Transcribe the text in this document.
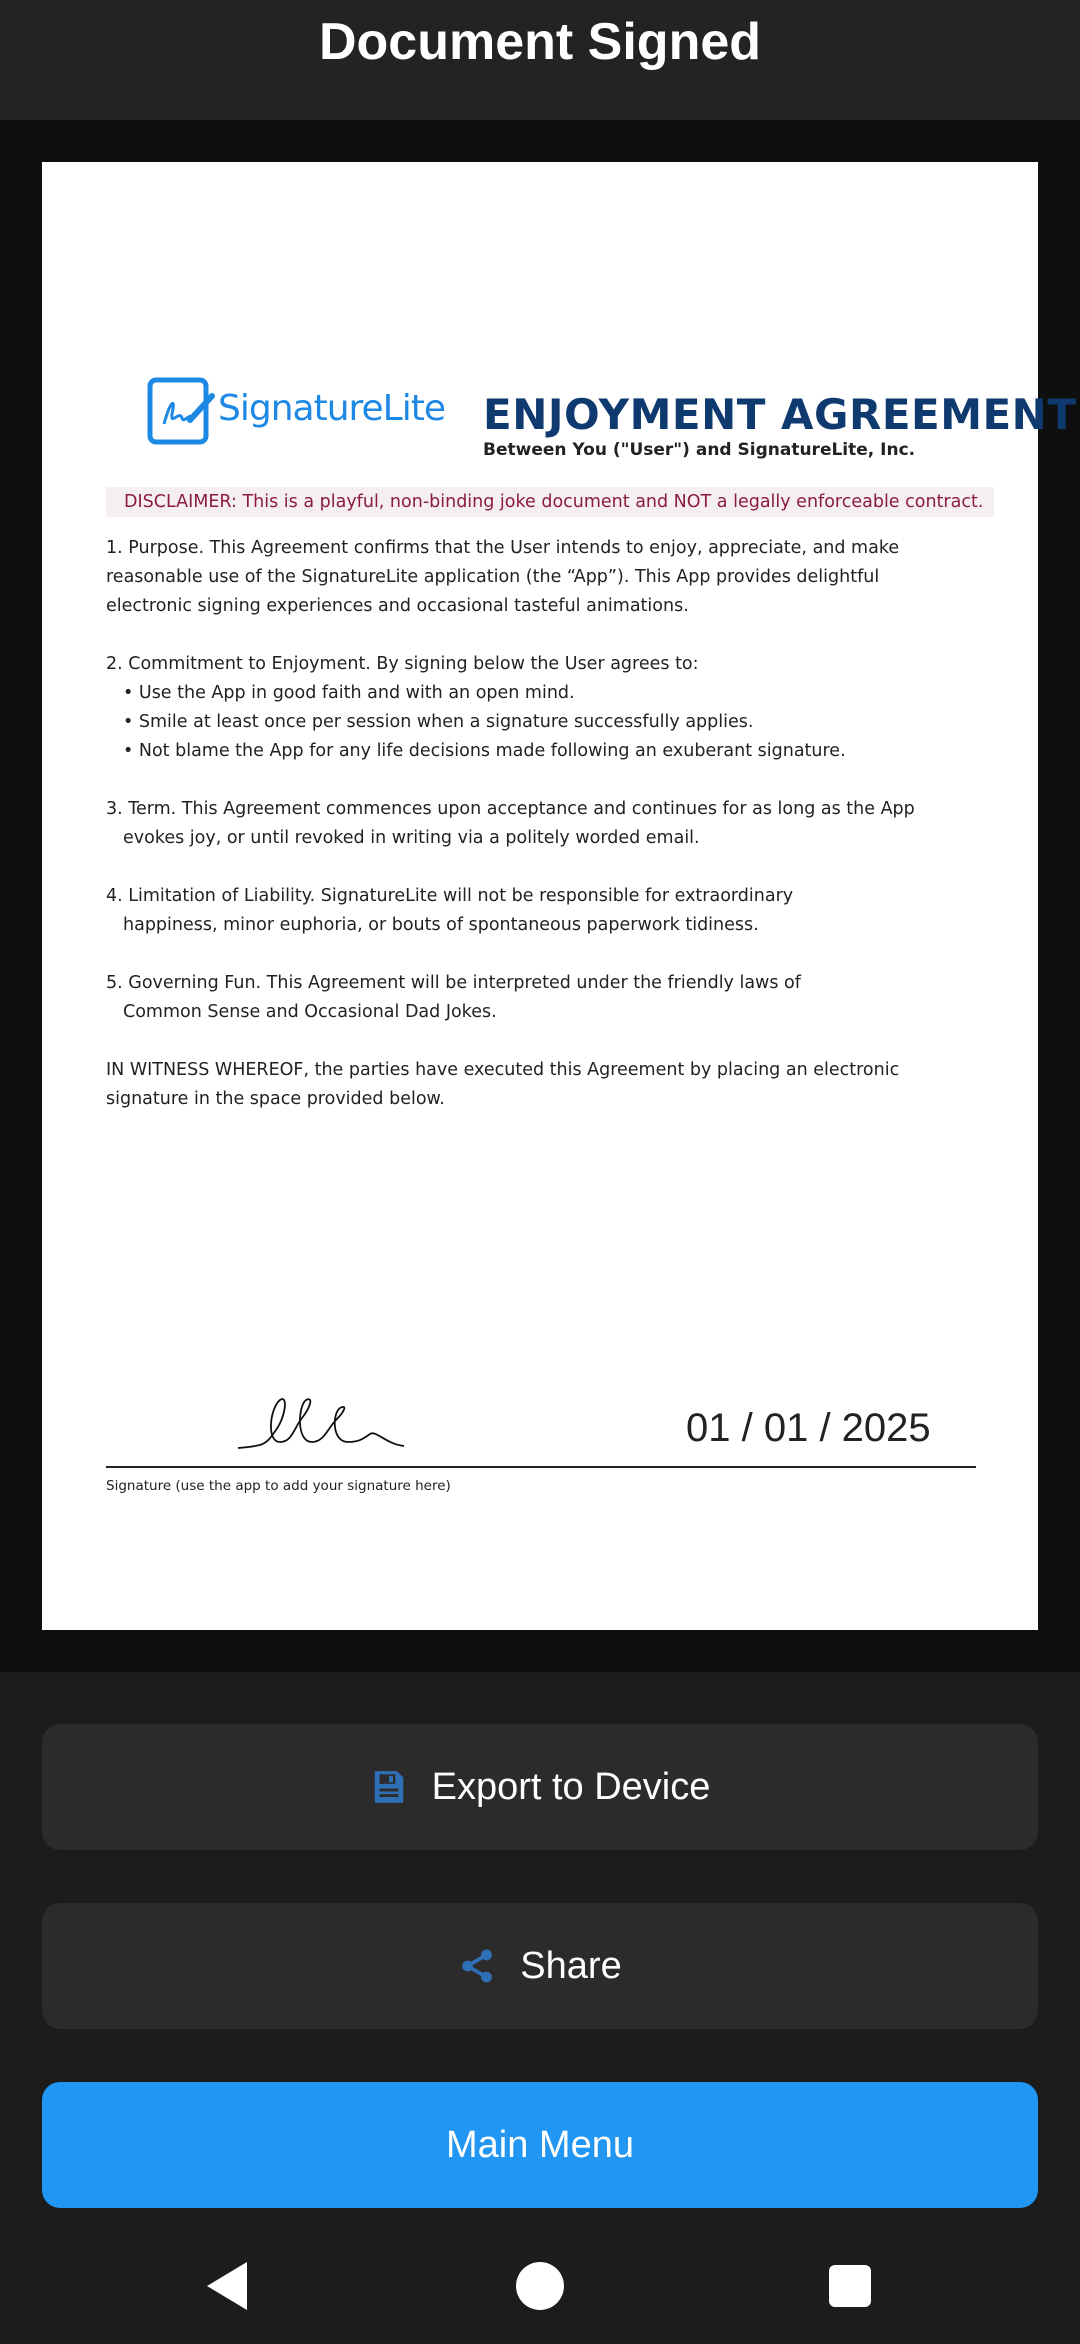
Document Signed
SignatureLite ENJOYMENT AGREEMENT
Between You ("User") and SignatureLite, Inc.
DISCLAIMER: This is a playful, non-binding joke document and NOT a legally enforceable contract.

1. Purpose. This Agreement confirms that the User intends to enjoy, appreciate, and make

reasonable use of the SignatureLite application (the “App”). This App provides delightful

electronic signing experiences and occasional tasteful animations.

2. Commitment to Enjoyment. By signing below the User agrees to:

• Use the App in good faith and with an open mind.

• Smile at least once per session when a signature successfully applies.

• Not blame the App for any life decisions made following an exuberant signature.

3. Term. This Agreement commences upon acceptance and continues for as long as the App

evokes joy, or until revoked in writing via a politely worded email.

4. Limitation of Liability. SignatureLite will not be responsible for extraordinary

happiness, minor euphoria, or bouts of spontaneous paperwork tidiness.

5. Governing Fun. This Agreement will be interpreted under the friendly laws of

Common Sense and Occasional Dad Jokes.

IN WITNESS WHEREOF, the parties have executed this Agreement by placing an electronic

signature in the space provided below.

01 / 01 / 2025
Signature (use the app to add your signature here)
Export to Device
Share
Main Menu
